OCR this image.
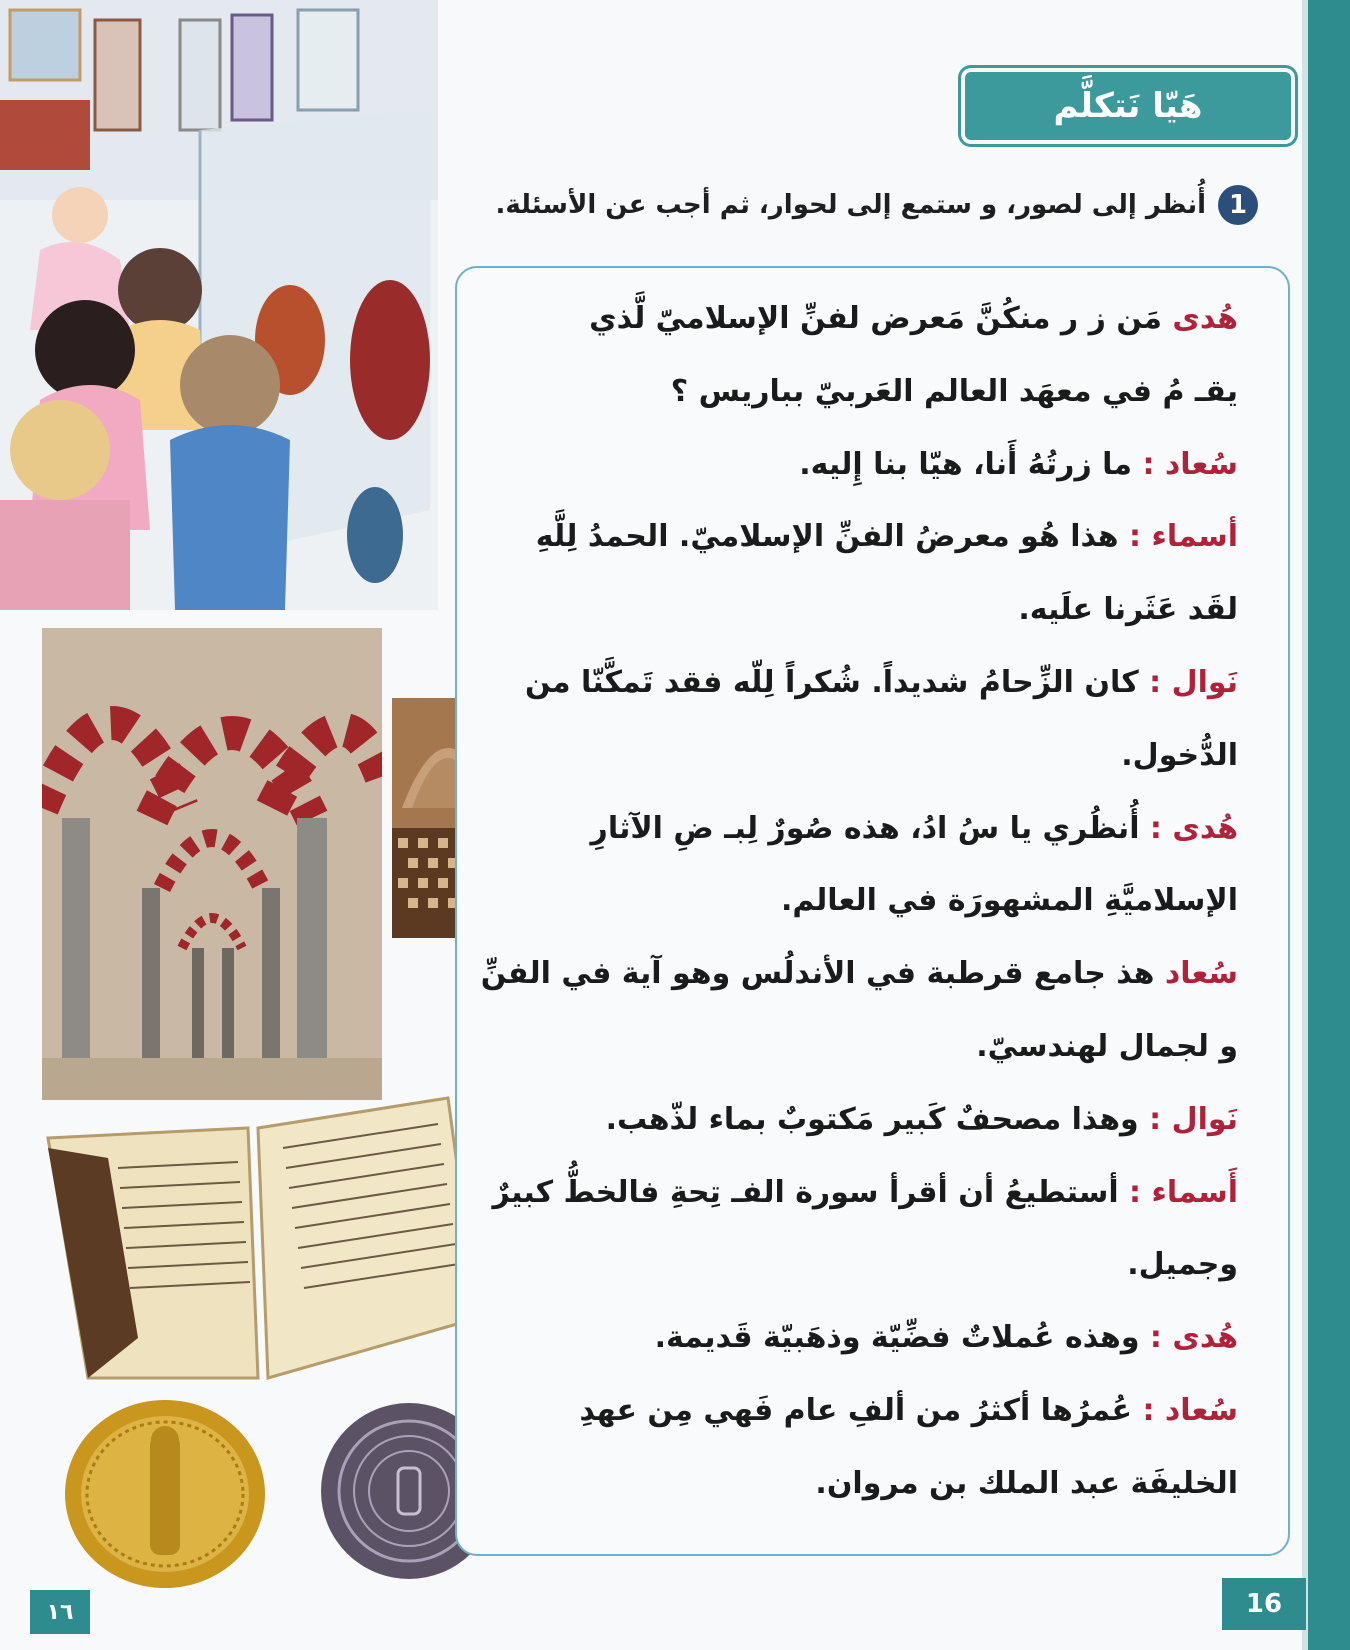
هَيّا نَتكلَّم
1
أُنظر إلى لصور، و ستمع إلى لحوار، ثم أجب عن الأسئلة.

هُدى مَن ز ر منكُنَّ مَعرض لفنِّ الإسلاميّ لَّذي

يقـ مُ في معهَد العالم العَربيّ بباريس ؟

سُعاد : ما زرتُهُ أَنا، هيّا بنا إِليه.

أسماء : هذا هُو معرضُ الفنِّ الإسلاميّ. الحمدُ لِلَّهِ

لقَد عَثَرنا علَيه.

نَوال : كان الزِّحامُ شديداً. شُكراً لِلّه فقد تَمكَّنّا من

الدُّخول.

هُدى : أُنظُري يا سُ ادُ، هذه صُورٌ لِبـ ضِ الآثارِ

الإسلاميَّةِ المشهورَة في العالم.

سُعاد هذ جامع قرطبة في الأندلُس وهو آية في الفنِّ

و لجمال لهندسيّ.

نَوال : وهذا مصحفٌ كَبير مَكتوبٌ بماء لذّهب.

أَسماء : أستطيعُ أن أقرأ سورة الفـ تِحةِ فالخطُّ كبيرٌ

وجميل.

هُدى : وهذه عُملاتٌ فضِّيّة وذهَبيّة قَديمة.

سُعاد : عُمرُها أكثرُ من ألفِ عام فَهي مِن عهدِ

الخليفَة عبد الملك بن مروان.

١٦	16
